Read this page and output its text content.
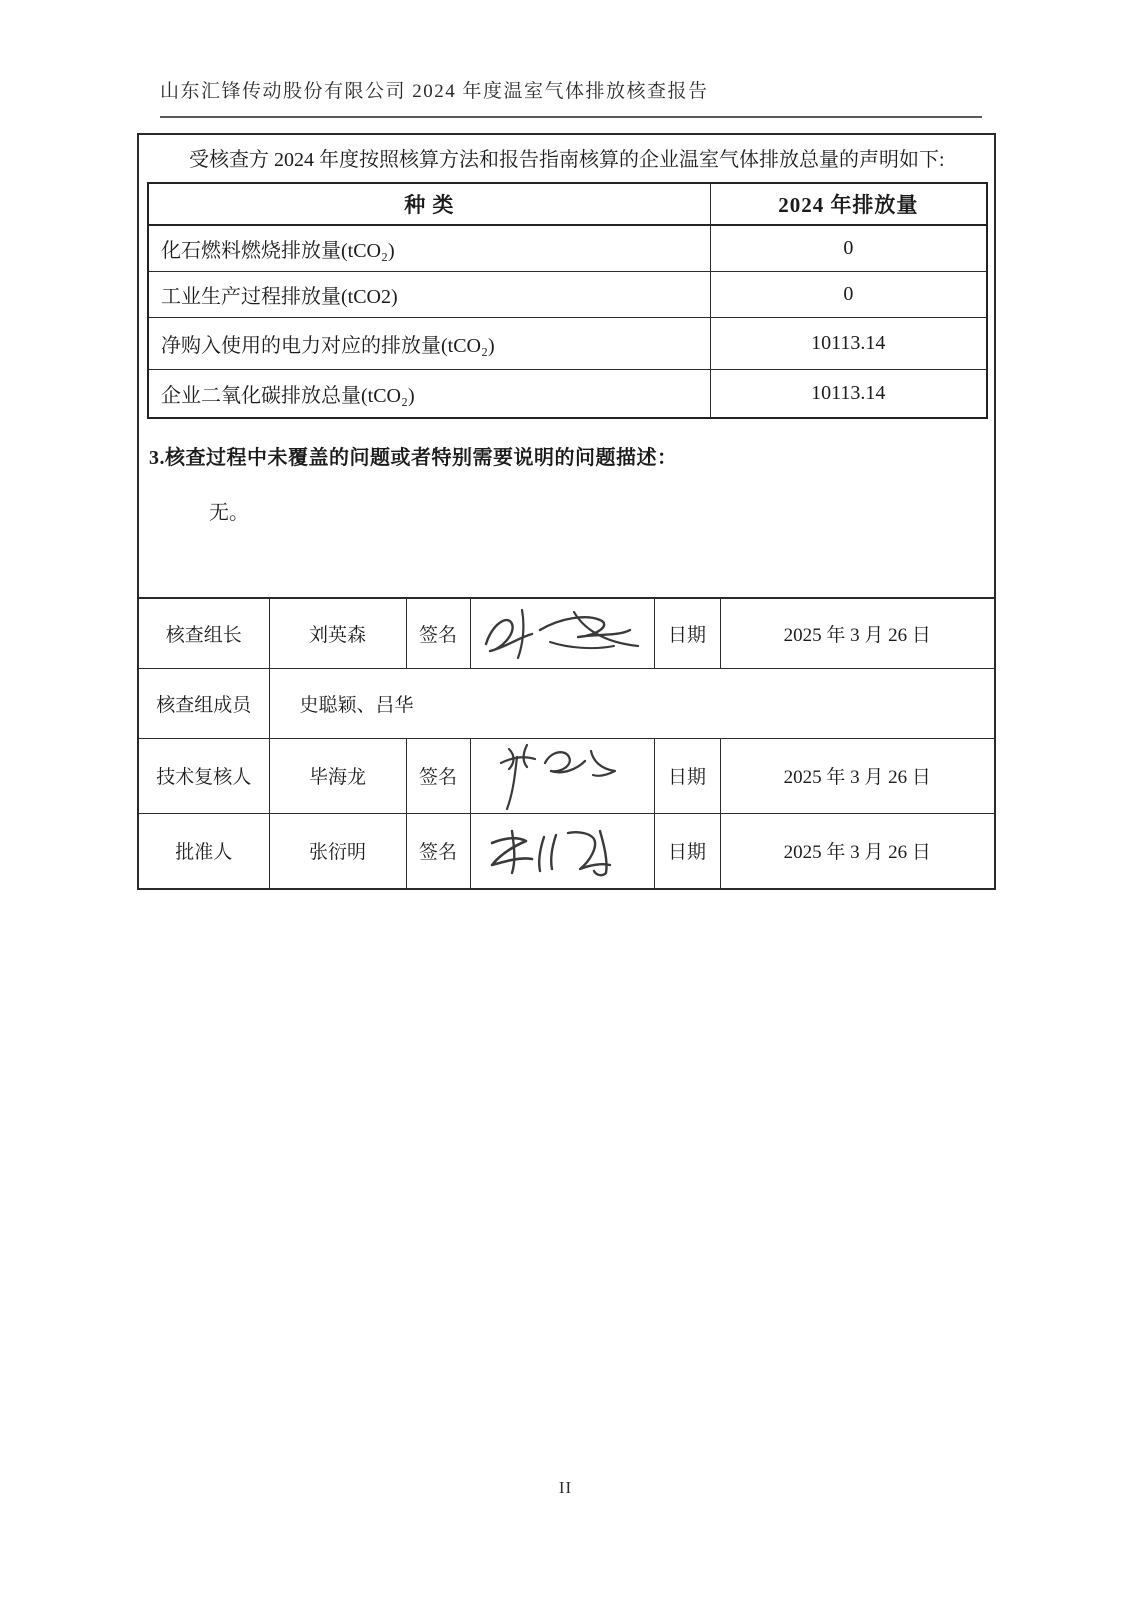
山东汇锋传动股份有限公司 2024 年度温室气体排放核查报告

受核查方 2024 年度按照核算方法和报告指南核算的企业温室气体排放总量的声明如下:

种 类	2024 年排放量
化石燃料燃烧排放量(tCO₂)	0
工业生产过程排放量(tCO2)	0
净购入使用的电力对应的排放量(tCO₂)	10113.14
企业二氧化碳排放总量(tCO₂)	10113.14
3.核查过程中未覆盖的问题或者特别需要说明的问题描述：
无。
核查组长	刘英森	签名		日期	2025 年 3 月 26 日
核查组成员	史聪颖、吕华				
技术复核人	毕海龙	签名		日期	2025 年 3 月 26 日
批准人	张衍明	签名		日期	2025 年 3 月 26 日
II
